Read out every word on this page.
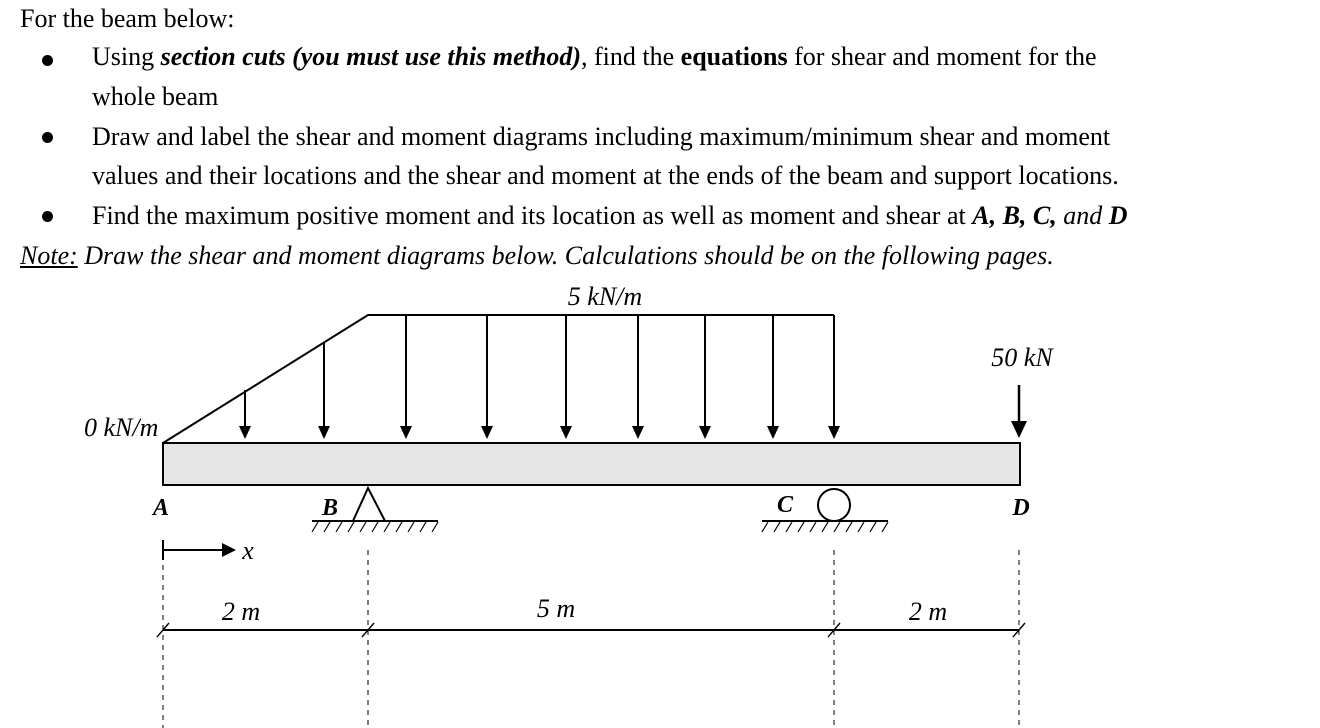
For the beam below:
Using section cuts (you must use this method), find the equations for shear and moment for the
whole beam
Draw and label the shear and moment diagrams including maximum/minimum shear and moment
values and their locations and the shear and moment at the ends of the beam and support locations.
Find the maximum positive moment and its location as well as moment and shear at A, B, C, and D
Note: Draw the shear and moment diagrams below. Calculations should be on the following pages.
5 kN/m
0 kN/m
50 kN
A	B	C	D
x
2 m	5 m	2 m
